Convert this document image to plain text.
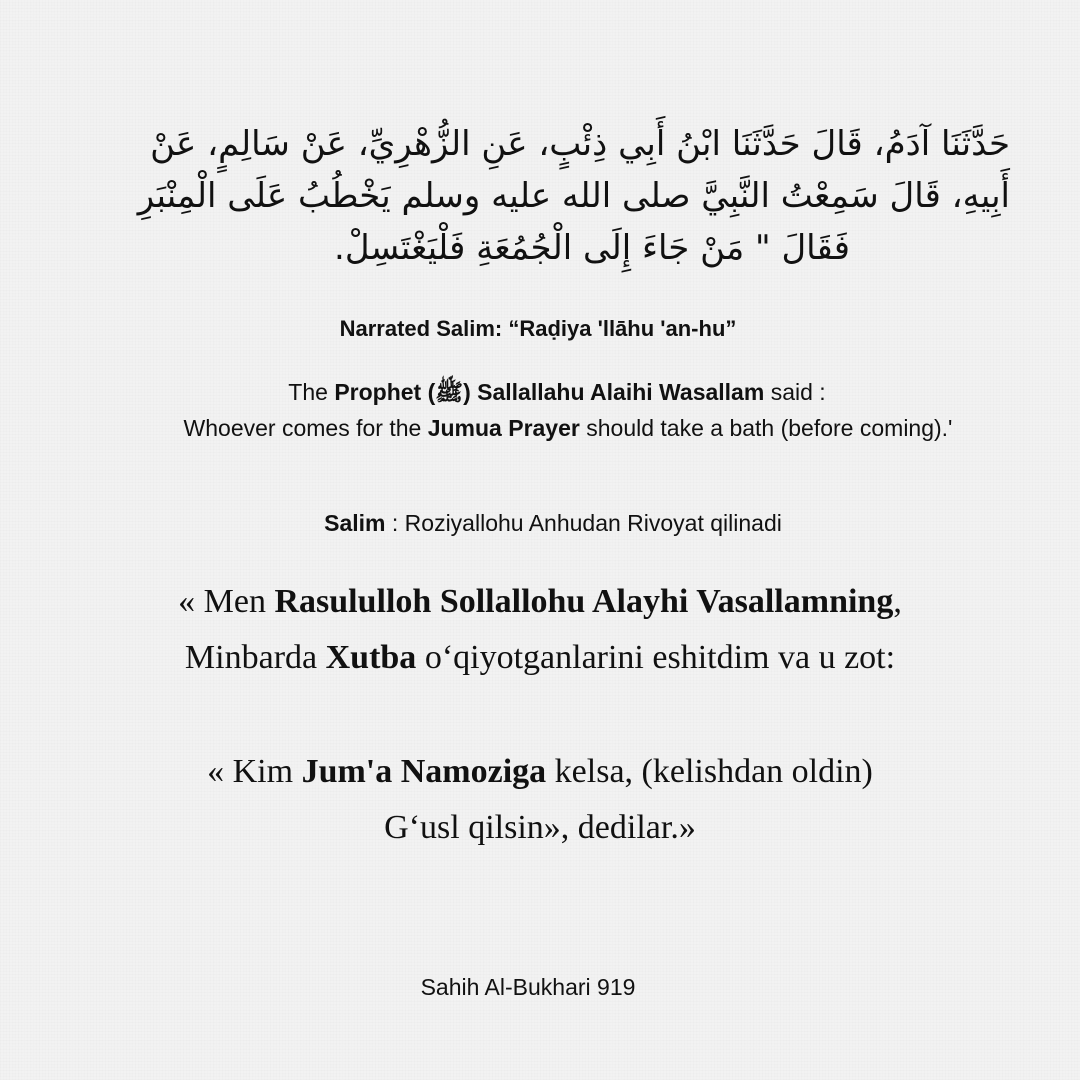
حَدَّثَنَا آدَمُ، قَالَ حَدَّثَنَا ابْنُ أَبِي ذِئْبٍ، عَنِ الزُّهْرِيِّ، عَنْ سَالِمٍ، عَنْ
أَبِيهِ، قَالَ سَمِعْتُ النَّبِيَّ صلى الله عليه وسلم يَخْطُبُ عَلَى الْمِنْبَرِ
فَقَالَ " مَنْ جَاءَ إِلَى الْجُمُعَةِ فَلْيَغْتَسِلْ.
Narrated Salim: “Raḍiya 'llāhu 'an-hu”
The Prophet (ﷺ) Sallallahu Alaihi Wasallam said :
Whoever comes for the Jumua Prayer should take a bath (before coming).'
Salim : Roziyallohu Anhudan Rivoyat qilinadi
« Men Rasululloh Sollallohu Alayhi Vasallamning,
Minbarda Xutba o‘qiyotganlarini eshitdim va u zot:
« Kim Jum'a Namoziga kelsa, (kelishdan oldin)
G‘usl qilsin», dedilar.»
Sahih Al-Bukhari 919
